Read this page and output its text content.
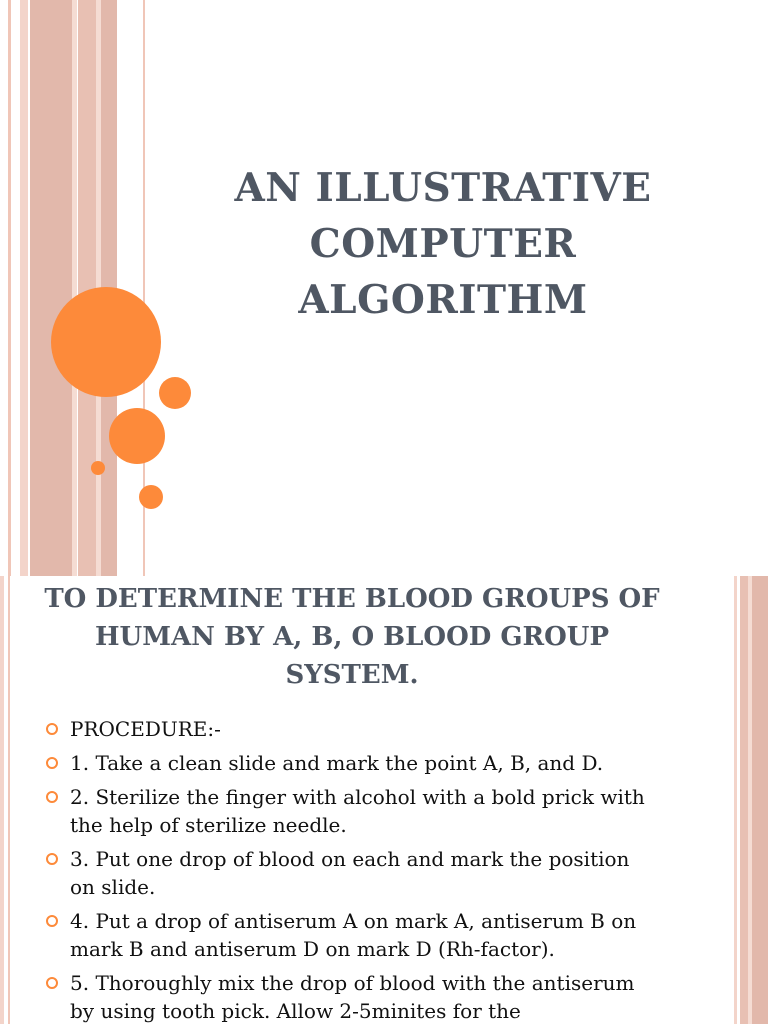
AN ILLUSTRATIVE
COMPUTER
ALGORITHM
TO DETERMINE THE BLOOD GROUPS OF
HUMAN BY A, B, O BLOOD GROUP
SYSTEM.
PROCEDURE:-
1. Take a clean slide and mark the point A, B, and D.
2. Sterilize the finger with alcohol with a bold prick with the help of sterilize needle.
3. Put one drop of blood on each and mark the position on slide.
4. Put a drop of antiserum A on mark A, antiserum B on mark B and antiserum D on mark D (Rh-factor).
5. Thoroughly mix the drop of blood with the antiserum by using tooth pick. Allow 2-5minites for the
